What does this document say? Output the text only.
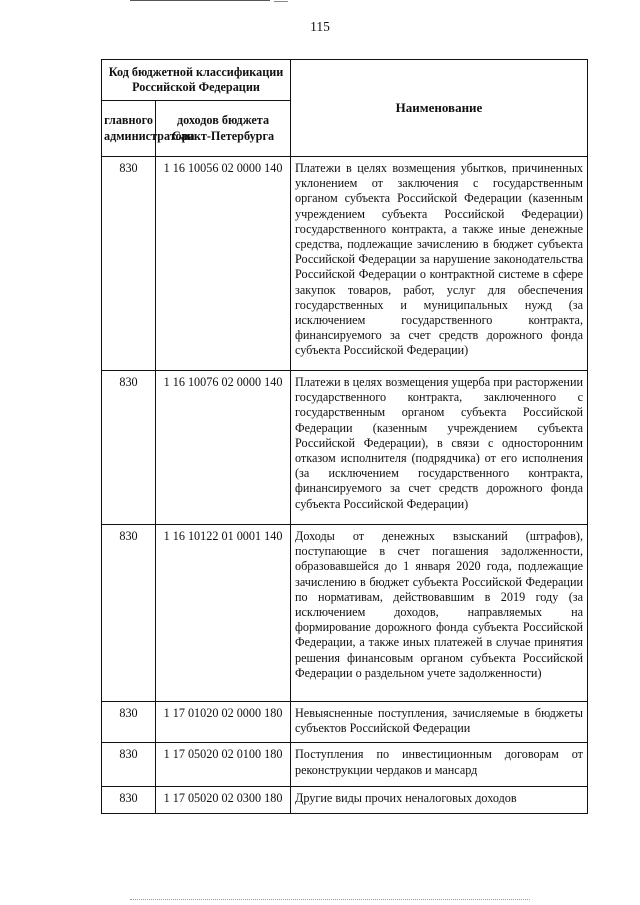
115
Код бюджетной классификации Российской Федерации		Наименование
главного администратора	доходов бюджета Санкт-Петербурга	
830	1 16 10056 02 0000 140	Платежи в целях возмещения убытков, причиненных уклонением от заключения с государственным органом субъекта Российской Федерации (казенным учреждением субъекта Российской Федерации) государственного контракта, а также иные денежные средства, подлежащие зачислению в бюджет субъекта Российской Федерации за нарушение законодательства Российской Федерации о контрактной системе в сфере закупок товаров, работ, услуг для обеспечения государственных и муниципальных нужд (за исключением государственного контракта, финансируемого за счет средств дорожного фонда субъекта Российской Федерации)
830	1 16 10076 02 0000 140	Платежи в целях возмещения ущерба при расторжении государственного контракта, заключенного с государственным органом субъекта Российской Федерации (казенным учреждением субъекта Российской Федерации), в связи с односторонним отказом исполнителя (подрядчика) от его исполнения (за исключением государственного контракта, финансируемого за счет средств дорожного фонда субъекта Российской Федерации)
830	1 16 10122 01 0001 140	Доходы от денежных взысканий (штрафов), поступающие в счет погашения задолженности, образовавшейся до 1 января 2020 года, подлежащие зачислению в бюджет субъекта Российской Федерации по нормативам, действовавшим в 2019 году (за исключением доходов, направляемых на формирование дорожного фонда субъекта Российской Федерации, а также иных платежей в случае принятия решения финансовым органом субъекта Российской Федерации о раздельном учете задолженности)
830	1 17 01020 02 0000 180	Невыясненные поступления, зачисляемые в бюджеты субъектов Российской Федерации
830	1 17 05020 02 0100 180	Поступления по инвестиционным договорам от реконструкции чердаков и мансард
830	1 17 05020 02 0300 180	Другие виды прочих неналоговых доходов
